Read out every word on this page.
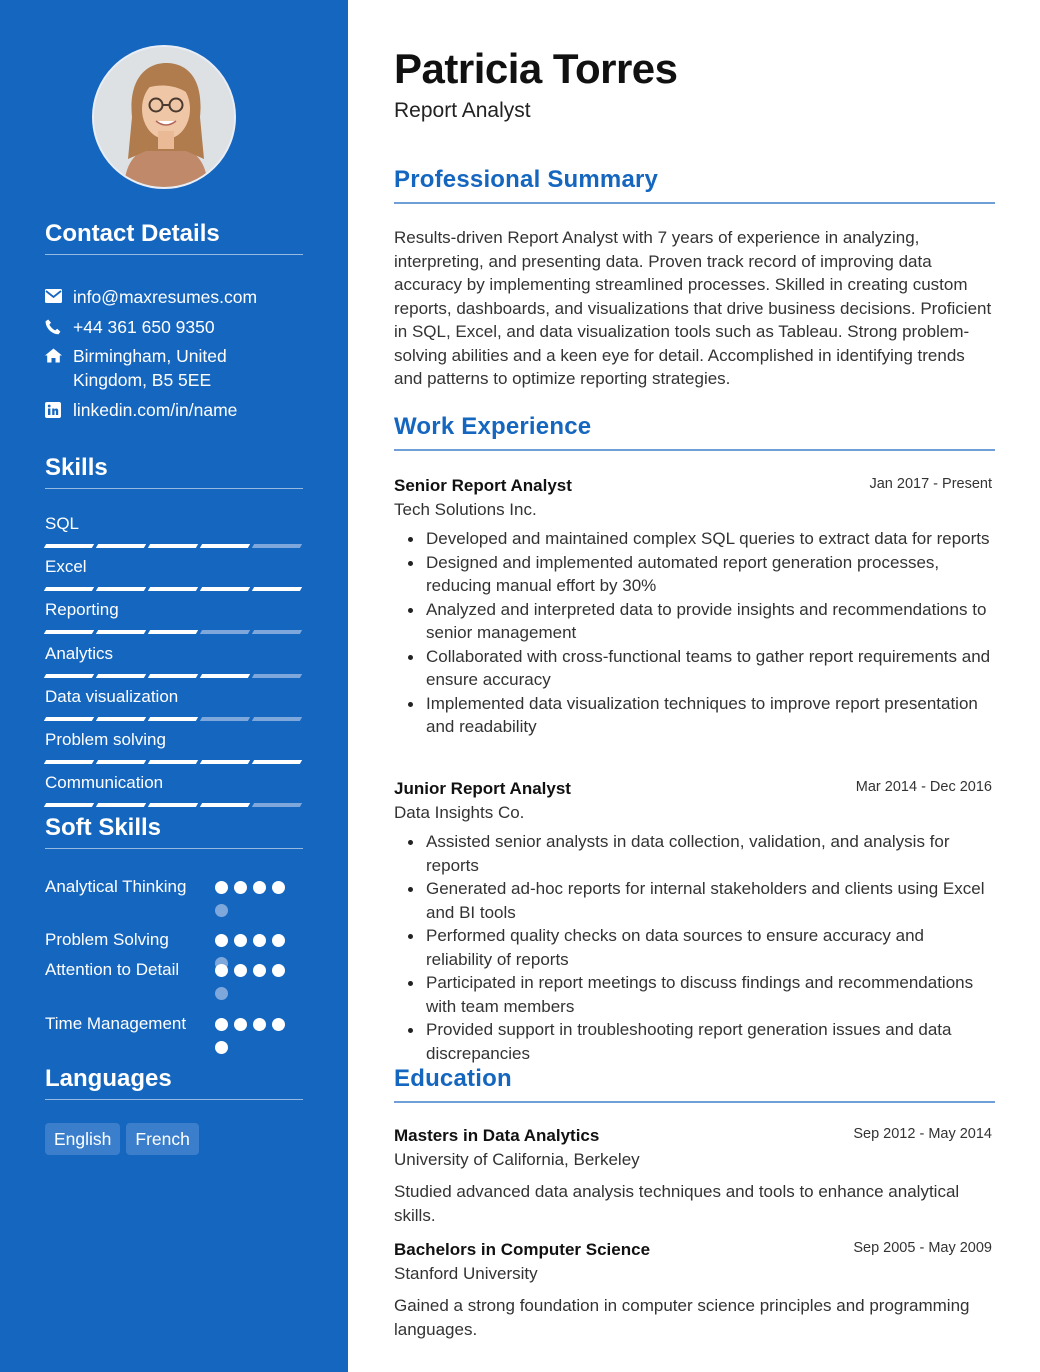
Contact Details
info@maxresumes.com
+44 361 650 9350
Birmingham, United Kingdom, B5 5EE
linkedin.com/in/name
Skills
SQL
Excel
Reporting
Analytics
Data visualization
Problem solving
Communication
Soft Skills
Analytical Thinking
Problem Solving
Attention to Detail
Time Management
Languages
English	French
Patricia Torres
Report Analyst
Professional Summary
Results-driven Report Analyst with 7 years of experience in analyzing, interpreting, and presenting data. Proven track record of improving data accuracy by implementing streamlined processes. Skilled in creating custom reports, dashboards, and visualizations that drive business decisions. Proficient in SQL, Excel, and data visualization tools such as Tableau. Strong problem-solving abilities and a keen eye for detail. Accomplished in identifying trends and patterns to optimize reporting strategies.
Work Experience
Senior Report Analyst	Jan 2017 - Present
Tech Solutions Inc.
Developed and maintained complex SQL queries to extract data for reports
Designed and implemented automated report generation processes, reducing manual effort by 30%
Analyzed and interpreted data to provide insights and recommendations to senior management
Collaborated with cross-functional teams to gather report requirements and ensure accuracy
Implemented data visualization techniques to improve report presentation and readability
Junior Report Analyst	Mar 2014 - Dec 2016
Data Insights Co.
Assisted senior analysts in data collection, validation, and analysis for reports
Generated ad-hoc reports for internal stakeholders and clients using Excel and BI tools
Performed quality checks on data sources to ensure accuracy and reliability of reports
Participated in report meetings to discuss findings and recommendations with team members
Provided support in troubleshooting report generation issues and data discrepancies
Education
Masters in Data Analytics	Sep 2012 - May 2014
University of California, Berkeley
Studied advanced data analysis techniques and tools to enhance analytical skills.
Bachelors in Computer Science	Sep 2005 - May 2009
Stanford University
Gained a strong foundation in computer science principles and programming languages.
